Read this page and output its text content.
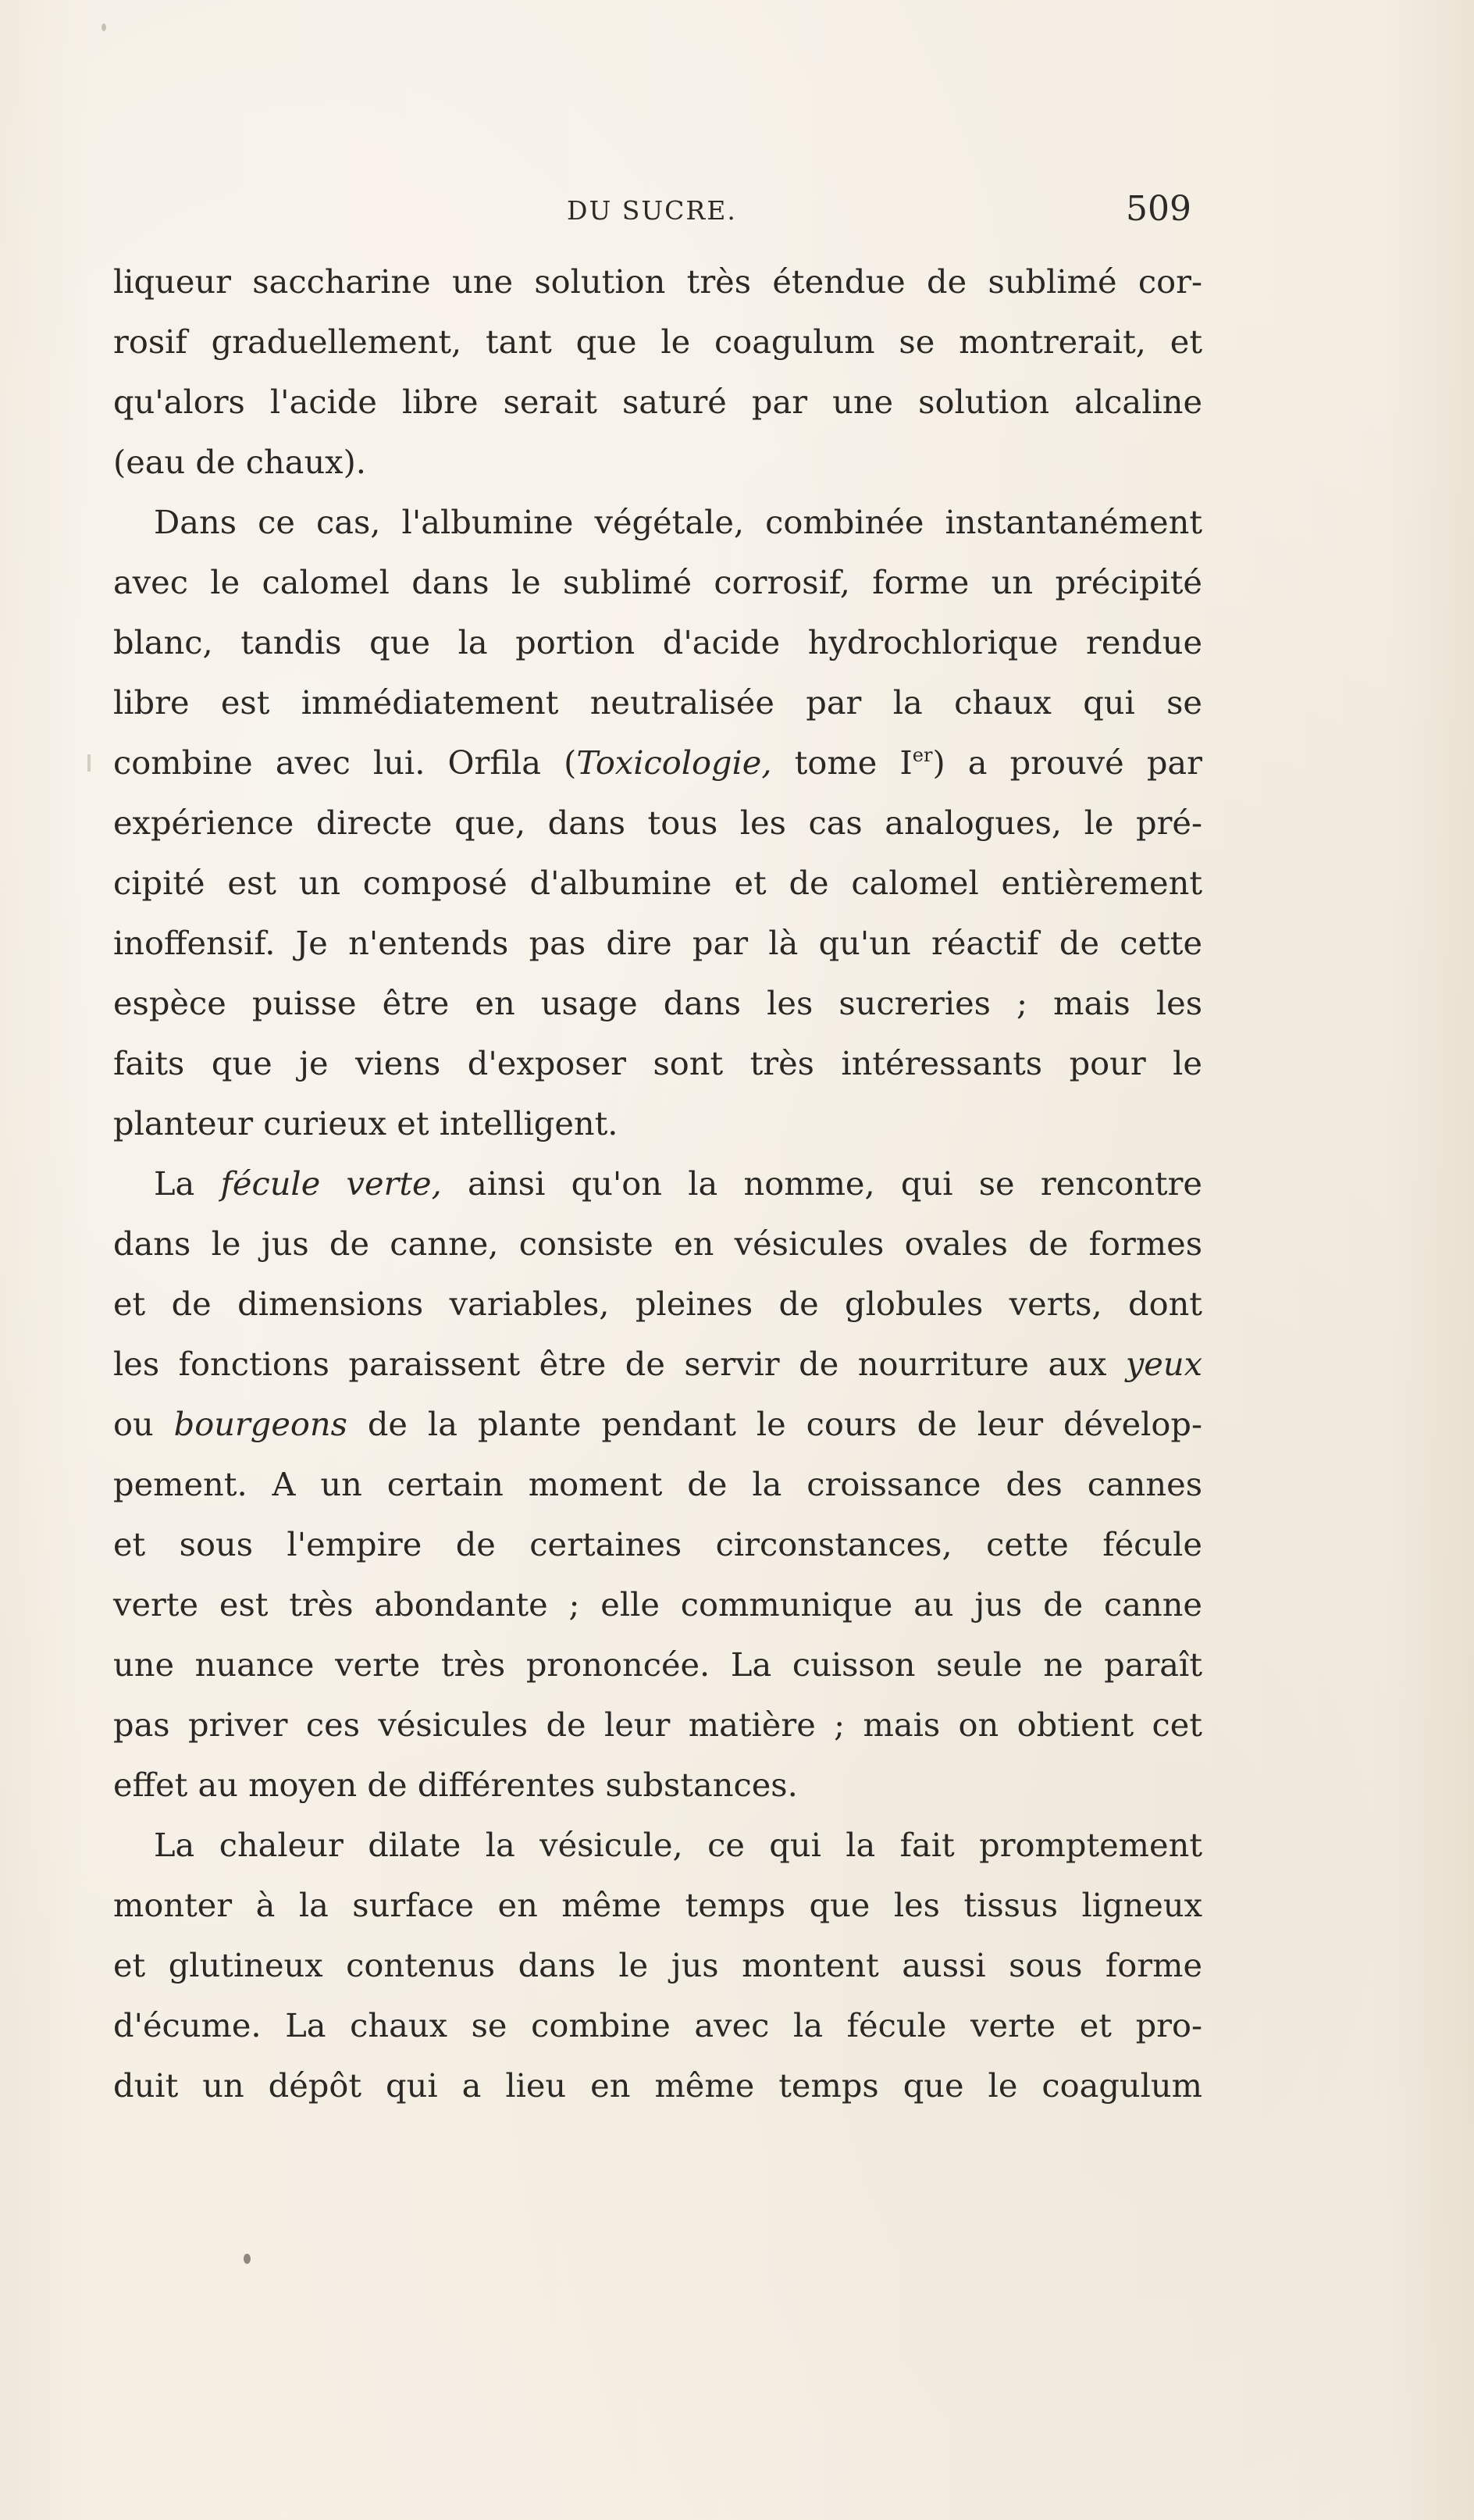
DU SUCRE.	509
liqueur saccharine une solution très étendue de sublimé cor-
rosif graduellement, tant que le coagulum se montrerait, et
qu'alors l'acide libre serait saturé par une solution alcaline
(eau de chaux).
Dans ce cas, l'albumine végétale, combinée instantanément
avec le calomel dans le sublimé corrosif, forme un précipité
blanc, tandis que la portion d'acide hydrochlorique rendue
libre est immédiatement neutralisée par la chaux qui se
combine avec lui. Orfila (Toxicologie, tome Ier) a prouvé par
expérience directe que, dans tous les cas analogues, le pré-
cipité est un composé d'albumine et de calomel entièrement
inoffensif. Je n'entends pas dire par là qu'un réactif de cette
espèce puisse être en usage dans les sucreries ; mais les
faits que je viens d'exposer sont très intéressants pour le
planteur curieux et intelligent.
La fécule verte, ainsi qu'on la nomme, qui se rencontre
dans le jus de canne, consiste en vésicules ovales de formes
et de dimensions variables, pleines de globules verts, dont
les fonctions paraissent être de servir de nourriture aux yeux
ou bourgeons de la plante pendant le cours de leur dévelop-
pement. A un certain moment de la croissance des cannes
et sous l'empire de certaines circonstances, cette fécule
verte est très abondante ; elle communique au jus de canne
une nuance verte très prononcée. La cuisson seule ne paraît
pas priver ces vésicules de leur matière ; mais on obtient cet
effet au moyen de différentes substances.
La chaleur dilate la vésicule, ce qui la fait promptement
monter à la surface en même temps que les tissus ligneux
et glutineux contenus dans le jus montent aussi sous forme
d'écume. La chaux se combine avec la fécule verte et pro-
duit un dépôt qui a lieu en même temps que le coagulum
